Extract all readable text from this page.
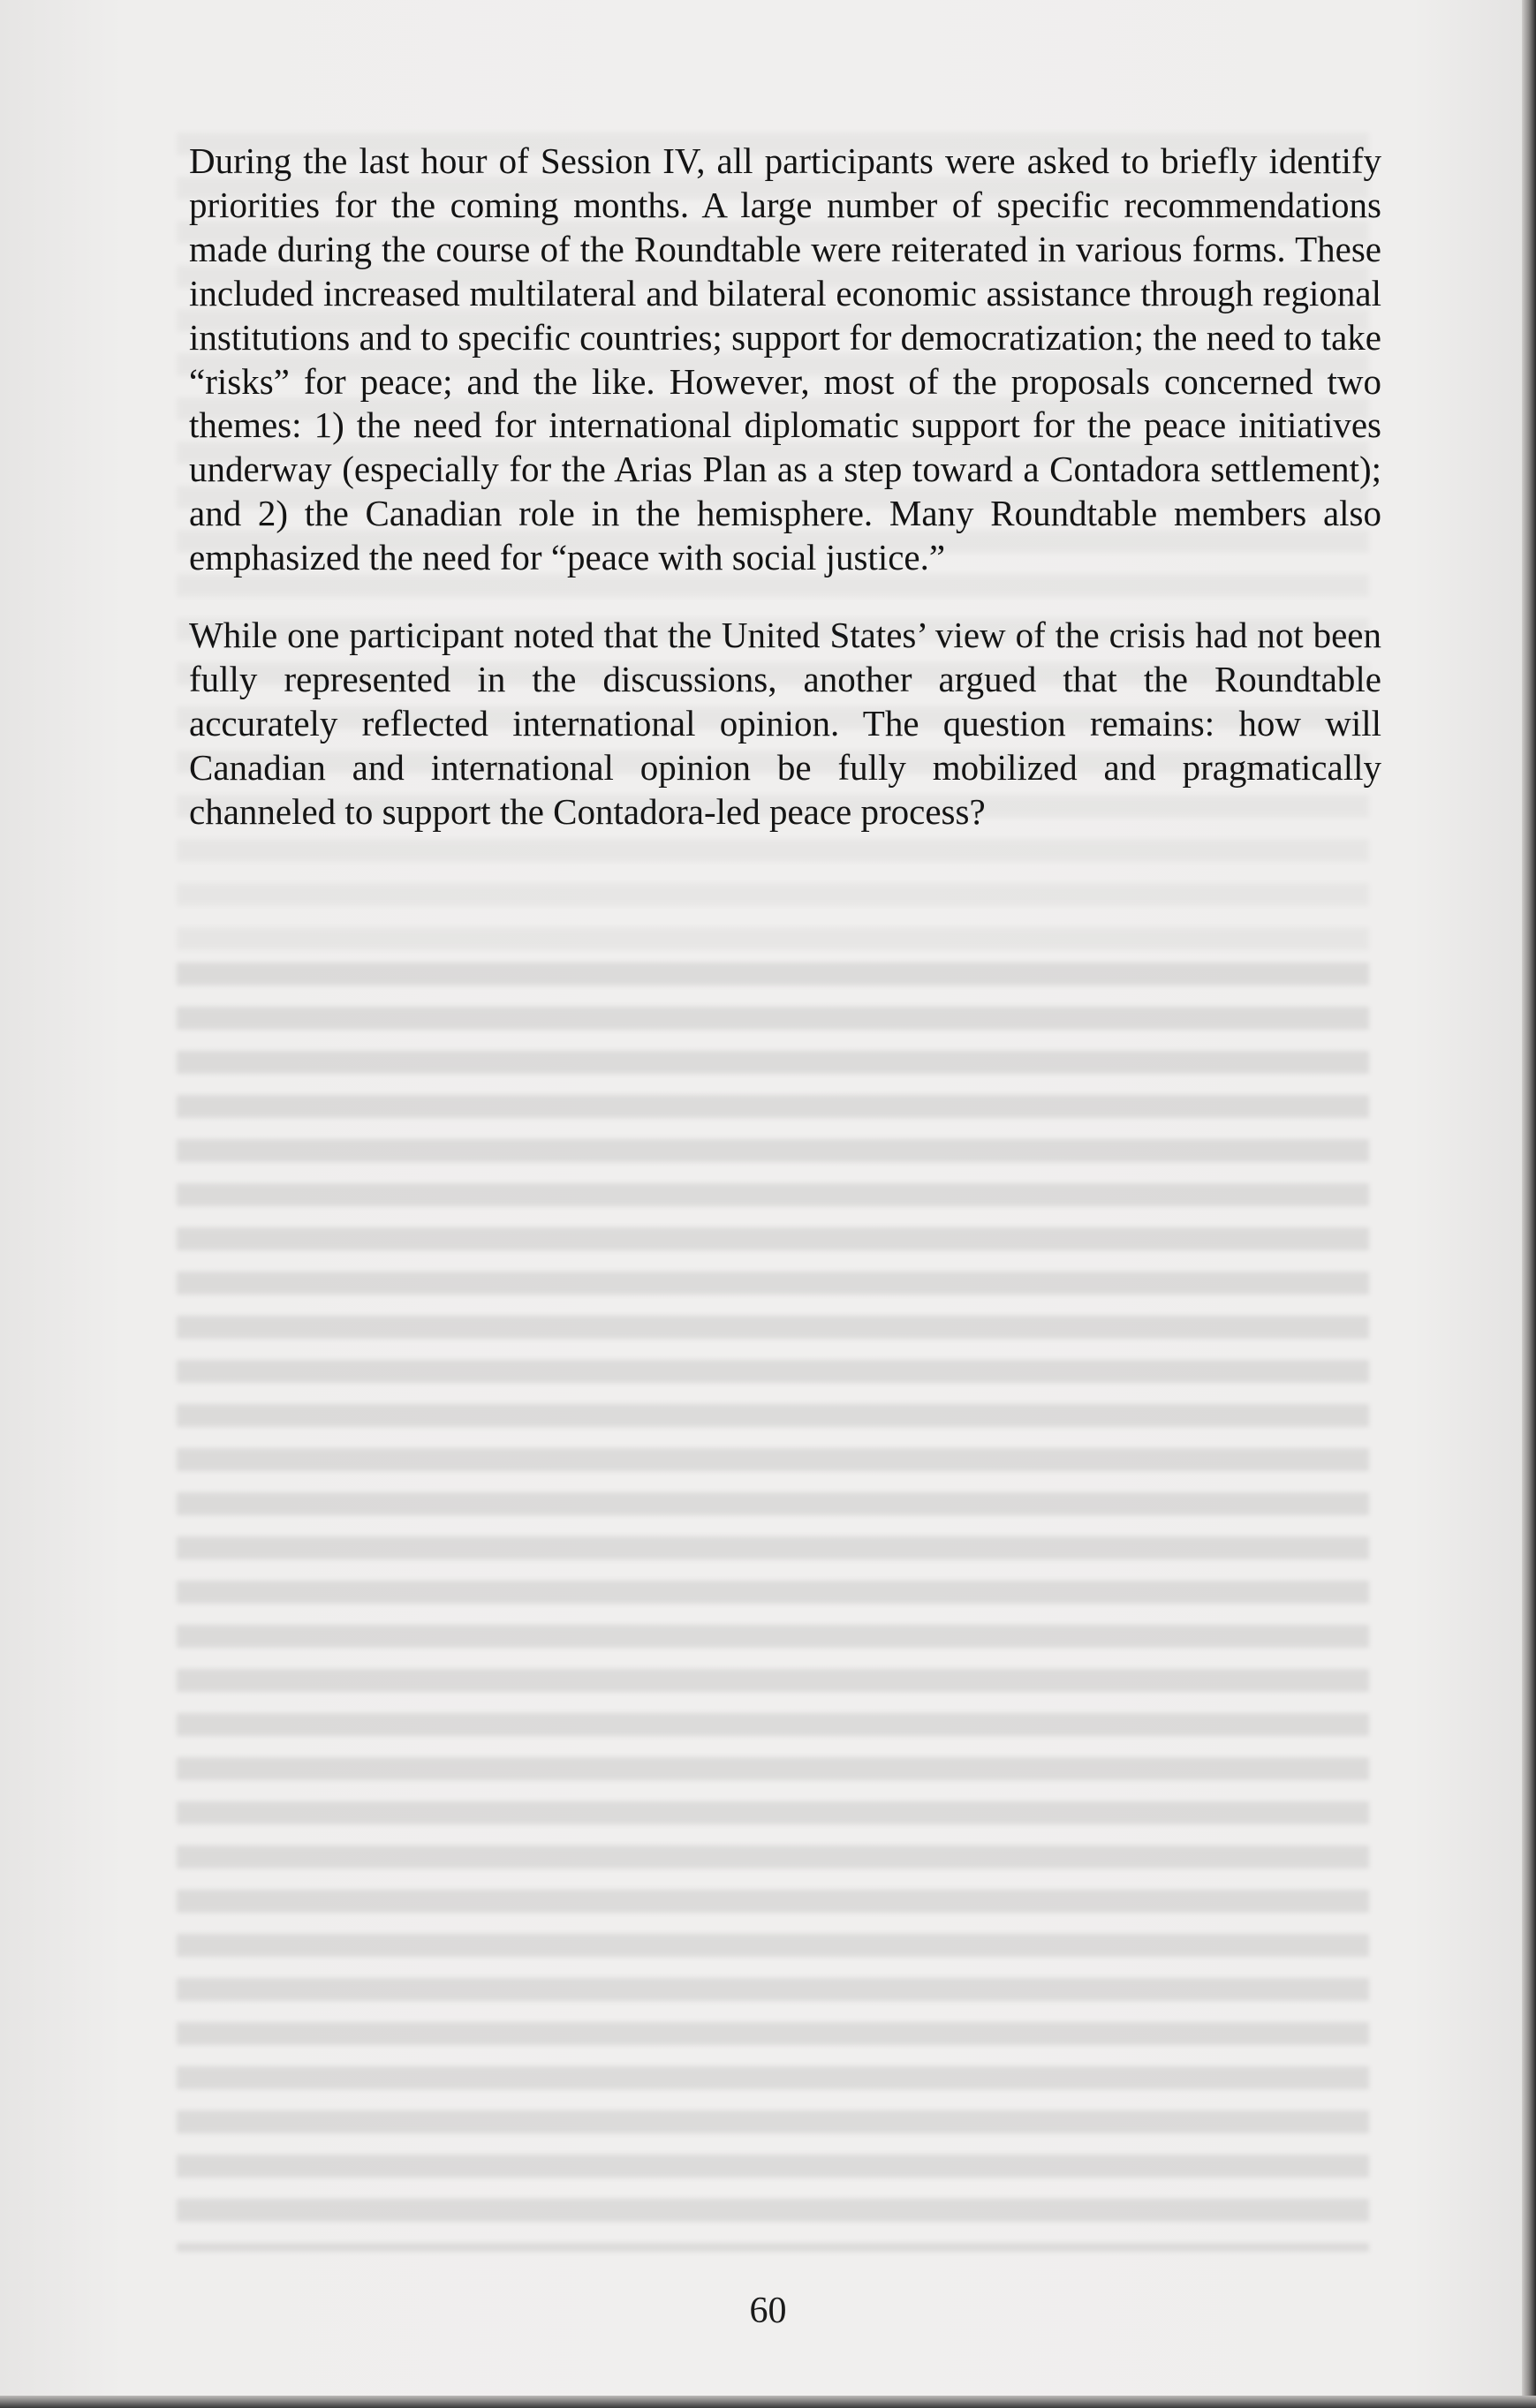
During the last hour of Session IV, all participants were asked to briefly identify priorities for the coming months. A large number of specific recommendations made during the course of the Roundtable were reiterated in various forms. These included increased multilateral and bilateral economic assistance through regional institutions and to specific countries; support for democratization; the need to take “risks” for peace; and the like. However, most of the proposals concerned two themes: 1) the need for international diplomatic support for the peace initiatives underway (especially for the Arias Plan as a step toward a Contadora settlement); and 2) the Canadian role in the hemisphere. Many Roundtable members also emphasized the need for “peace with social justice.”

While one participant noted that the United States’ view of the crisis had not been fully represented in the discussions, another argued that the Roundtable accurately reflected international opinion. The question remains: how will Canadian and international opinion be fully mobilized and pragmatically channeled to support the Contadora-led peace process?

60
